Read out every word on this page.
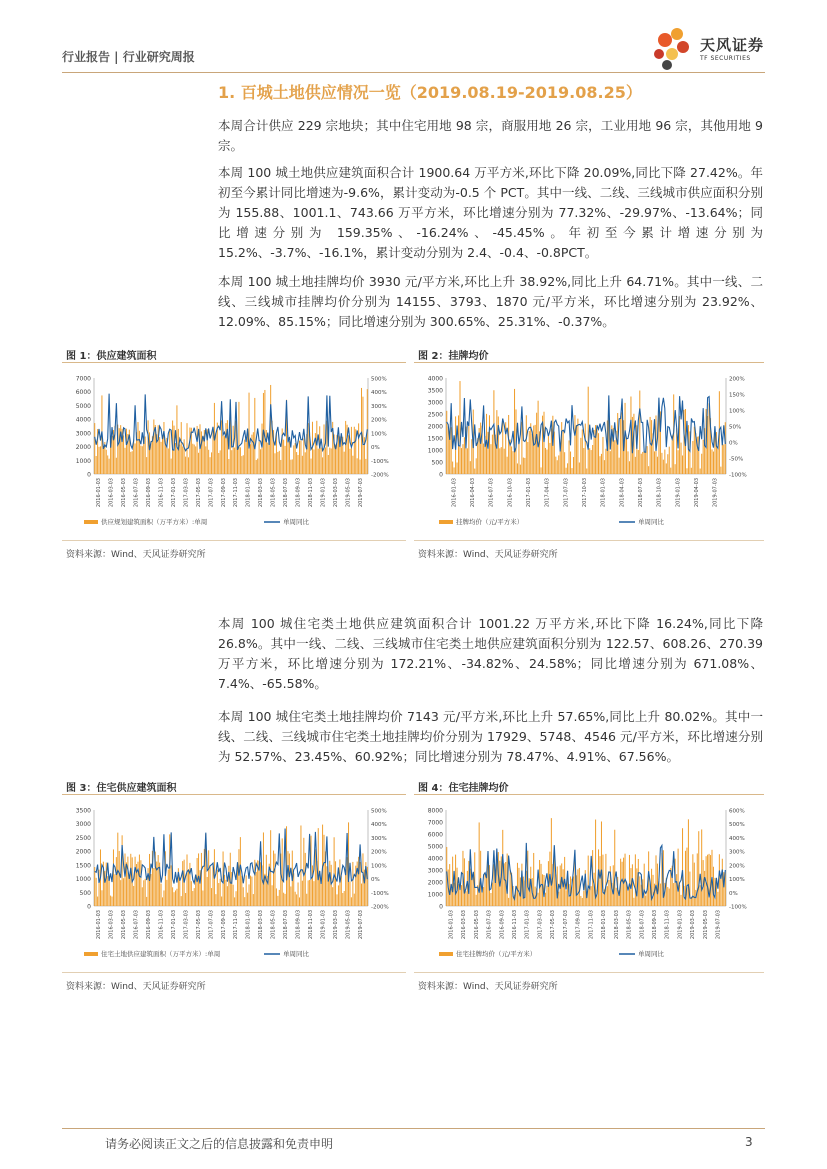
行业报告 | 行业研究周报
天风证券
TF SECURITIES
1. 百城土地供应情况一览（2019.08.19-2019.08.25）
本周合计供应 229 宗地块；其中住宅用地 98 宗，商服用地 26 宗，工业用地 96 宗，其他用地 9 宗。
本周 100 城土地供应建筑面积合计 1900.64 万平方米,环比下降 20.09%,同比下降 27.42%。年初至今累计同比增速为-9.6%，累计变动为-0.5 个 PCT。其中一线、二线、三线城市供应面积分别为 155.88、1001.1、743.66 万平方米，环比增速分别为 77.32%、-29.97%、-13.64%；同比增速分别为 159.35%、-16.24%、-45.45%。年初至今累计增速分别为 15.2%、-3.7%、-16.1%，累计变动分别为 2.4、-0.4、-0.8PCT。
本周 100 城土地挂牌均价 3930 元/平方米,环比上升 38.92%,同比上升 64.71%。其中一线、二线、三线城市挂牌均价分别为 14155、3793、1870 元/平方米，环比增速分别为 23.92%、12.09%、85.15%；同比增速分别为 300.65%、25.31%、-0.37%。
图 1：供应建筑面积
7000
6000
5000
4000
3000
2000
1000
0
500%
400%
300%
200%
100%
0%
-100%
-200%
2016-01-03 2016-03-03 2016-05-03 2016-07-03 2016-09-03 2016-11-03 2017-01-03 2017-03-03 2017-05-03 2017-07-03 2017-09-03 2017-11-03 2018-01-03 2018-03-03 2018-05-03 2018-07-03 2018-09-03 2018-11-03 2019-01-03 2019-03-03 2019-05-03 2019-07-03
供应规划建筑面积（万平方米）:单周	单周同比
资料来源：Wind、天风证券研究所
图 2：挂牌均价
4000
3500
3000
2500
2000
1500
1000
500
0
200%
150%
100%
50%
0%
-50%
-100%
2016-01-03	2016-04-03	2016-07-03	2016-10-03	2017-01-03	2017-04-03	2017-07-03	2017-10-03	2018-01-03	2018-04-03	2018-07-03	2018-10-03	2019-01-03	2019-04-03	2019-07-03
挂牌均价（元/平方米）	单周同比
资料来源：Wind、天风证券研究所
本周 100 城住宅类土地供应建筑面积合计 1001.22 万平方米,环比下降 16.24%,同比下降 26.8%。其中一线、二线、三线城市住宅类土地供应建筑面积分别为 122.57、608.26、270.39 万平方米，环比增速分别为 172.21%、-34.82%、24.58%；同比增速分别为 671.08%、7.4%、-65.58%。
本周 100 城住宅类土地挂牌均价 7143 元/平方米,环比上升 57.65%,同比上升 80.02%。其中一线、二线、三线城市住宅类土地挂牌均价分别为 17929、5748、4546 元/平方米，环比增速分别为 52.57%、23.45%、60.92%；同比增速分别为 78.47%、4.91%、67.56%。
图 3：住宅供应建筑面积
3500
3000
2500
2000
1500
1000
500
0
500%
400%
300%
200%
100%
0%
-100%
-200%
2016-01-03 2016-03-03 2016-05-03 2016-07-03 2016-09-03 2016-11-03 2017-01-03 2017-03-03 2017-05-03 2017-07-03 2017-09-03 2017-11-03 2018-01-03 2018-03-03 2018-05-03 2018-07-03 2018-09-03 2018-11-03 2019-01-03 2019-03-03 2019-05-03 2019-07-03
住宅土地供应建筑面积（万平方米）:单周	单周同比
资料来源：Wind、天风证券研究所
图 4：住宅挂牌均价
8000
7000
6000
5000
4000
3000
2000
1000
0
600%
500%
400%
300%
200%
100%
0%
-100%
2016-01-03 2016-03-03 2016-05-03 2016-07-03 2016-09-03 2016-11-03 2017-01-03 2017-03-03 2017-05-03 2017-07-03 2017-09-03 2017-11-03 2018-01-03 2018-03-03 2018-05-03 2018-07-03 2018-09-03 2018-11-03 2019-01-03 2019-03-03 2019-05-03 2019-07-03
住宅挂牌均价（元/平方米）	单周同比
资料来源：Wind、天风证券研究所
请务必阅读正文之后的信息披露和免责申明	3
